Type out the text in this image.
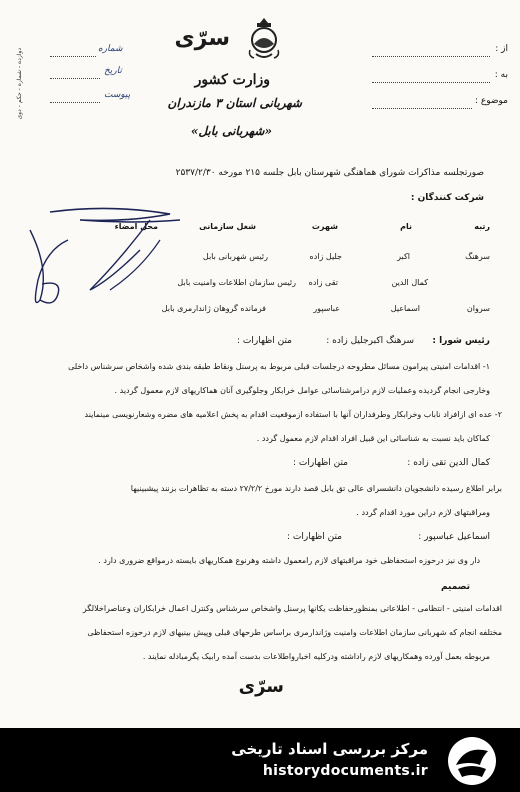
سرّی
وزارت کشور
شهربانی استان ۳ مازندران
«شهربانی بابل»
از :
به :
موضوع :
شماره
تاریخ
پیوست
دوازده - شماره - حکم - دوی
صورتجلسه مذاکرات شورای هماهنگی شهرستان بابل جلسه ۲۱۵ مورخه ۲۵۳۷/۲/۳۰
شرکت کنندگان :
رتبه
نام
شهرت
شغل سازمانی
محل امضاء
سرهنگ
اکبر
جلیل زاده
رئیس شهربانی بابل
کمال الدین
تقی زاده
رئیس سازمان اطلاعات وامنیت بابل
سروان
اسماعیل
عباسپور
فرمانده گروهان ژاندارمری بابل
رئیس شورا :
سرهنگ اکبرجلیل زاده :
متن اظهارات :
۱- اقدامات امنیتی پیرامون مسائل مطروحه درجلسات قبلی مربوط به پرسنل ونقاط طبقه بندی شده واشخاص سرشناس داخلی
وخارجی انجام گردیده وعملیات لازم درامرشناسائی عوامل خرابکار وجلوگیری آنان هماکاریهای لازم معمول گردید .
۲- عده ای ازافراد ناباب وخرابکار وطرفداران آنها با استفاده ازموقعیت اقدام به پخش اعلامیه های مضره وشعارنویسی مینمایند
کماکان باید نسبت به شناسائی این قبیل افراد اقدام لازم معمول گردد .
کمال الدین تقی زاده :
متن اظهارات :
برابر اطلاع رسیده دانشجویان دانشسرای عالی تق بابل قصد دارند مورخ ۲۷/۲/۲ دسته به تظاهرات بزنند پیشبینیها
ومراقبتهای لازم دراین مورد اقدام گردد .
اسماعیل عباسپور :
متن اظهارات :
دار وی نیز درحوزه استحفاظی خود مراقبتهای لازم رامعمول داشته وهرنوع همکاریهای بایسته درمواقع ضروری دارد .
تصمیم
اقدامات امنیتی - انتظامی - اطلاعاتی بمنظورحفاظت یکانها پرسنل واشخاص سرشناس وکنترل اعمال خرابکاران وعناصراخلالگر
مختلفه انجام که شهربانی سازمان اطلاعات وامنیت وژاندارمری براساس طرحهای قبلی وپیش بینیهای لازم درحوزه استحفاظی
مربوطه بعمل آورده وهمکاریهای لازم راداشته ودرکلیه اخبارواطلاعات بدست آمده رابیک یگرمبادله نمایند .
سرّی
مرکز بررسی اسناد تاریخی
historydocuments.ir
